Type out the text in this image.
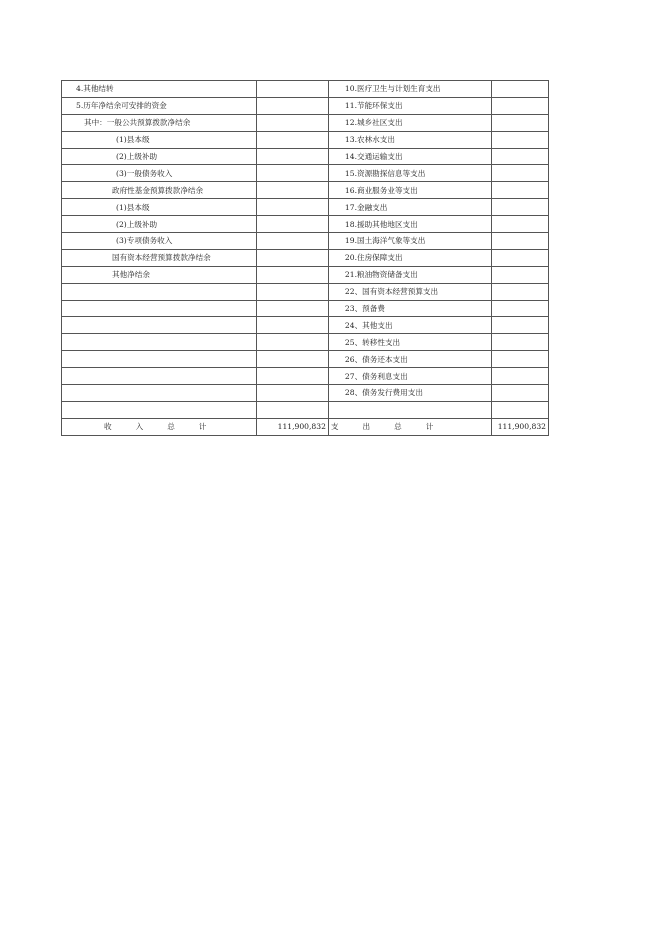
4.其他结转		10.医疗卫生与计划生育支出	
5.历年净结余可安排的资金		11.节能环保支出	
其中：一般公共预算拨款净结余		12.城乡社区支出	
(1)县本级		13.农林水支出	
(2)上级补助		14.交通运输支出	
(3)一般债务收入		15.资源勘探信息等支出	
政府性基金预算拨款净结余		16.商业服务业等支出	
(1)县本级		17.金融支出	
(2)上级补助		18.援助其他地区支出	
(3)专项债务收入		19.国土海洋气象等支出	
国有资本经营预算拨款净结余		20.住房保障支出	
其他净结余		21.粮油物资储备支出	
		22、国有资本经营预算支出	
		23、预备费	
		24、其他支出	
		25、转移性支出	
		26、债务还本支出	
		27、债务利息支出	
		28、债务发行费用支出	

收 入 总 计	111,900,832	支 出 总 计	111,900,832
